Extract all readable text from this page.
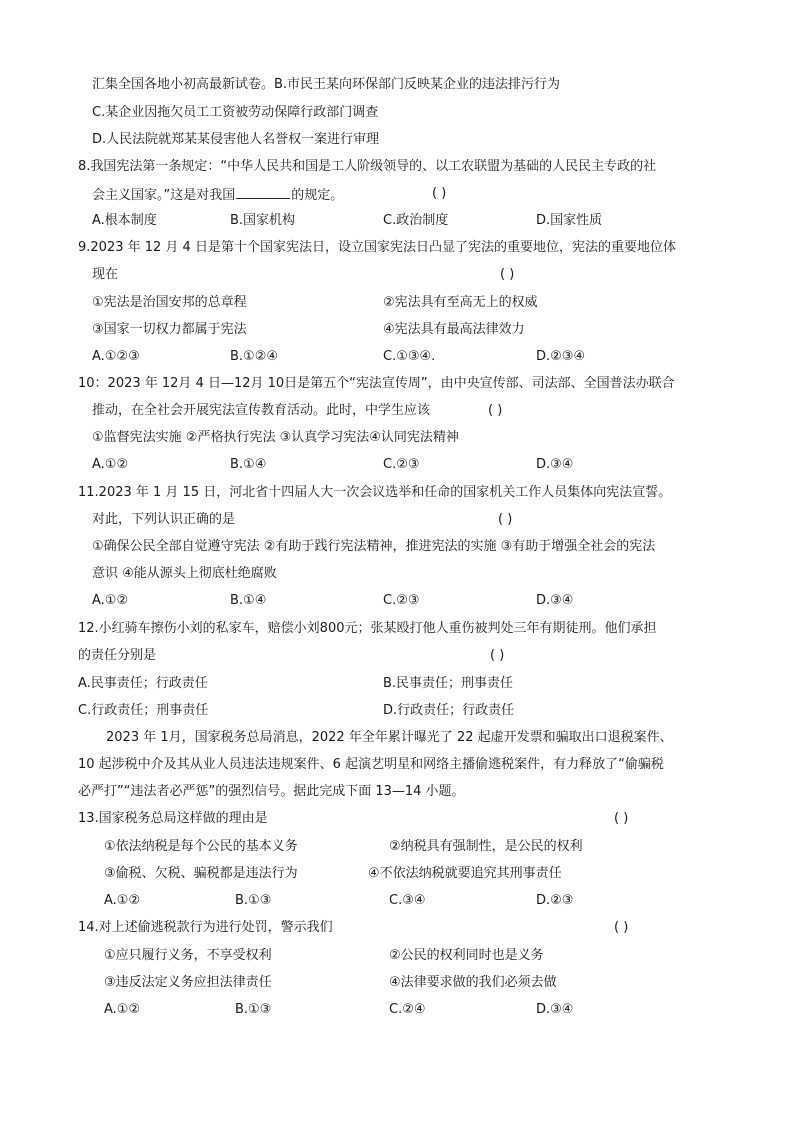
汇集全国各地小初高最新试卷。B.市民王某向环保部门反映某企业的违法排污行为
C.某企业因拖欠员工工资被劳动保障行政部门调查
D.人民法院就郑某某侵害他人名誉权一案进行审理
8.我国宪法第一条规定：“中华人民共和国是工人阶级领导的、以工农联盟为基础的人民民主专政的社
会主义国家。”这是对我国	的规定。	( )
A.根本制度	B.国家机构	C.政治制度	D.国家性质
9.2023 年 12 月 4 日是第十个国家宪法日，设立国家宪法日凸显了宪法的重要地位，宪法的重要地位体
现在	( )
①宪法是治国安邦的总章程	②宪法具有至高无上的权威
③国家一切权力都属于宪法	④宪法具有最高法律效力
A.①②③	B.①②④	C.①③④.	D.②③④
10：2023 年 12月 4 日—12月 10日是第五个“宪法宣传周”，由中央宣传部、司法部、全国普法办联合
推动，在全社会开展宪法宣传教育活动。此时，中学生应该	( )
①监督宪法实施 ②严格执行宪法 ③认真学习宪法④认同宪法精神
A.①②	B.①④	C.②③	D.③④
11.2023 年 1 月 15 日，河北省十四届人大一次会议选举和任命的国家机关工作人员集体向宪法宣誓。
对此，下列认识正确的是	( )
①确保公民全部自觉遵守宪法 ②有助于践行宪法精神，推进宪法的实施 ③有助于增强全社会的宪法
意识 ④能从源头上彻底杜绝腐败
A.①②	B.①④	C.②③	D.③④
12.小红骑车擦伤小刘的私家车，赔偿小刘800元；张某殴打他人重伤被判处三年有期徒刑。他们承担
的责任分别是	( )
A.民事责任；行政责任	B.民事责任；刑事责任
C.行政责任；刑事责任	D.行政责任；行政责任
2023 年 1月，国家税务总局消息，2022 年全年累计曝光了 22 起虚开发票和骗取出口退税案件、
10 起涉税中介及其从业人员违法违规案件、6 起演艺明星和网络主播偷逃税案件，有力释放了“偷骗税
必严打”“违法者必严惩”的强烈信号。据此完成下面 13—14 小题。
13.国家税务总局这样做的理由是	( )
①依法纳税是每个公民的基本义务	②纳税具有强制性，是公民的权利
③偷税、欠税、骗税都是违法行为	④不依法纳税就要追究其刑事责任
A.①②	B.①③	C.③④	D.②③
14.对上述偷逃税款行为进行处罚，警示我们	( )
①应只履行义务，不享受权利	②公民的权利同时也是义务
③违反法定义务应担法律责任	④法律要求做的我们必须去做
A.①②	B.①③	C.②④	D.③④
